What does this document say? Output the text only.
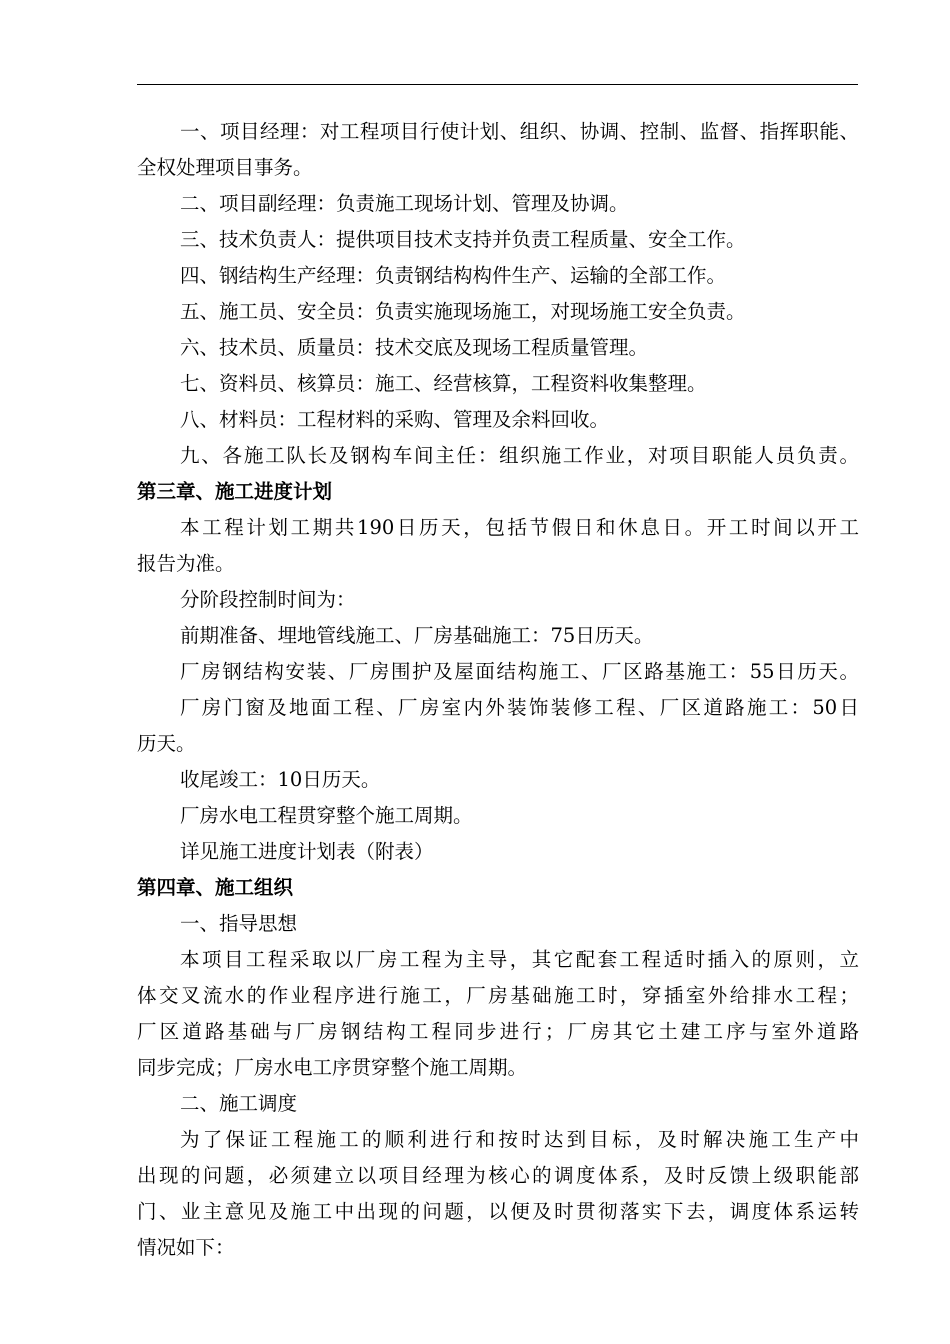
一、项目经理：对工程项目行使计划、组织、协调、控制、监督、指挥职能、

全权处理项目事务。

二、项目副经理：负责施工现场计划、管理及协调。

三、技术负责人：提供项目技术支持并负责工程质量、安全工作。

四、钢结构生产经理：负责钢结构构件生产、运输的全部工作。

五、施工员、安全员：负责实施现场施工，对现场施工安全负责。

六、技术员、质量员：技术交底及现场工程质量管理。

七、资料员、核算员：施工、经营核算，工程资料收集整理。

八、材料员：工程材料的采购、管理及余料回收。

九、各施工队长及钢构车间主任：组织施工作业，对项目职能人员负责。

第三章、施工进度计划

本工程计划工期共190日历天，包括节假日和休息日。开工时间以开工

报告为准。

分阶段控制时间为：

前期准备、埋地管线施工、厂房基础施工：75日历天。

厂房钢结构安装、厂房围护及屋面结构施工、厂区路基施工：55日历天。

厂房门窗及地面工程、厂房室内外装饰装修工程、厂区道路施工：50日

历天。

收尾竣工：10日历天。

厂房水电工程贯穿整个施工周期。

详见施工进度计划表（附表）

第四章、施工组织

一、指导思想

本项目工程采取以厂房工程为主导，其它配套工程适时插入的原则，立

体交叉流水的作业程序进行施工，厂房基础施工时，穿插室外给排水工程；

厂区道路基础与厂房钢结构工程同步进行；厂房其它土建工序与室外道路

同步完成；厂房水电工序贯穿整个施工周期。

二、施工调度

为了保证工程施工的顺利进行和按时达到目标，及时解决施工生产中

出现的问题，必须建立以项目经理为核心的调度体系，及时反馈上级职能部

门、业主意见及施工中出现的问题，以便及时贯彻落实下去，调度体系运转

情况如下：
